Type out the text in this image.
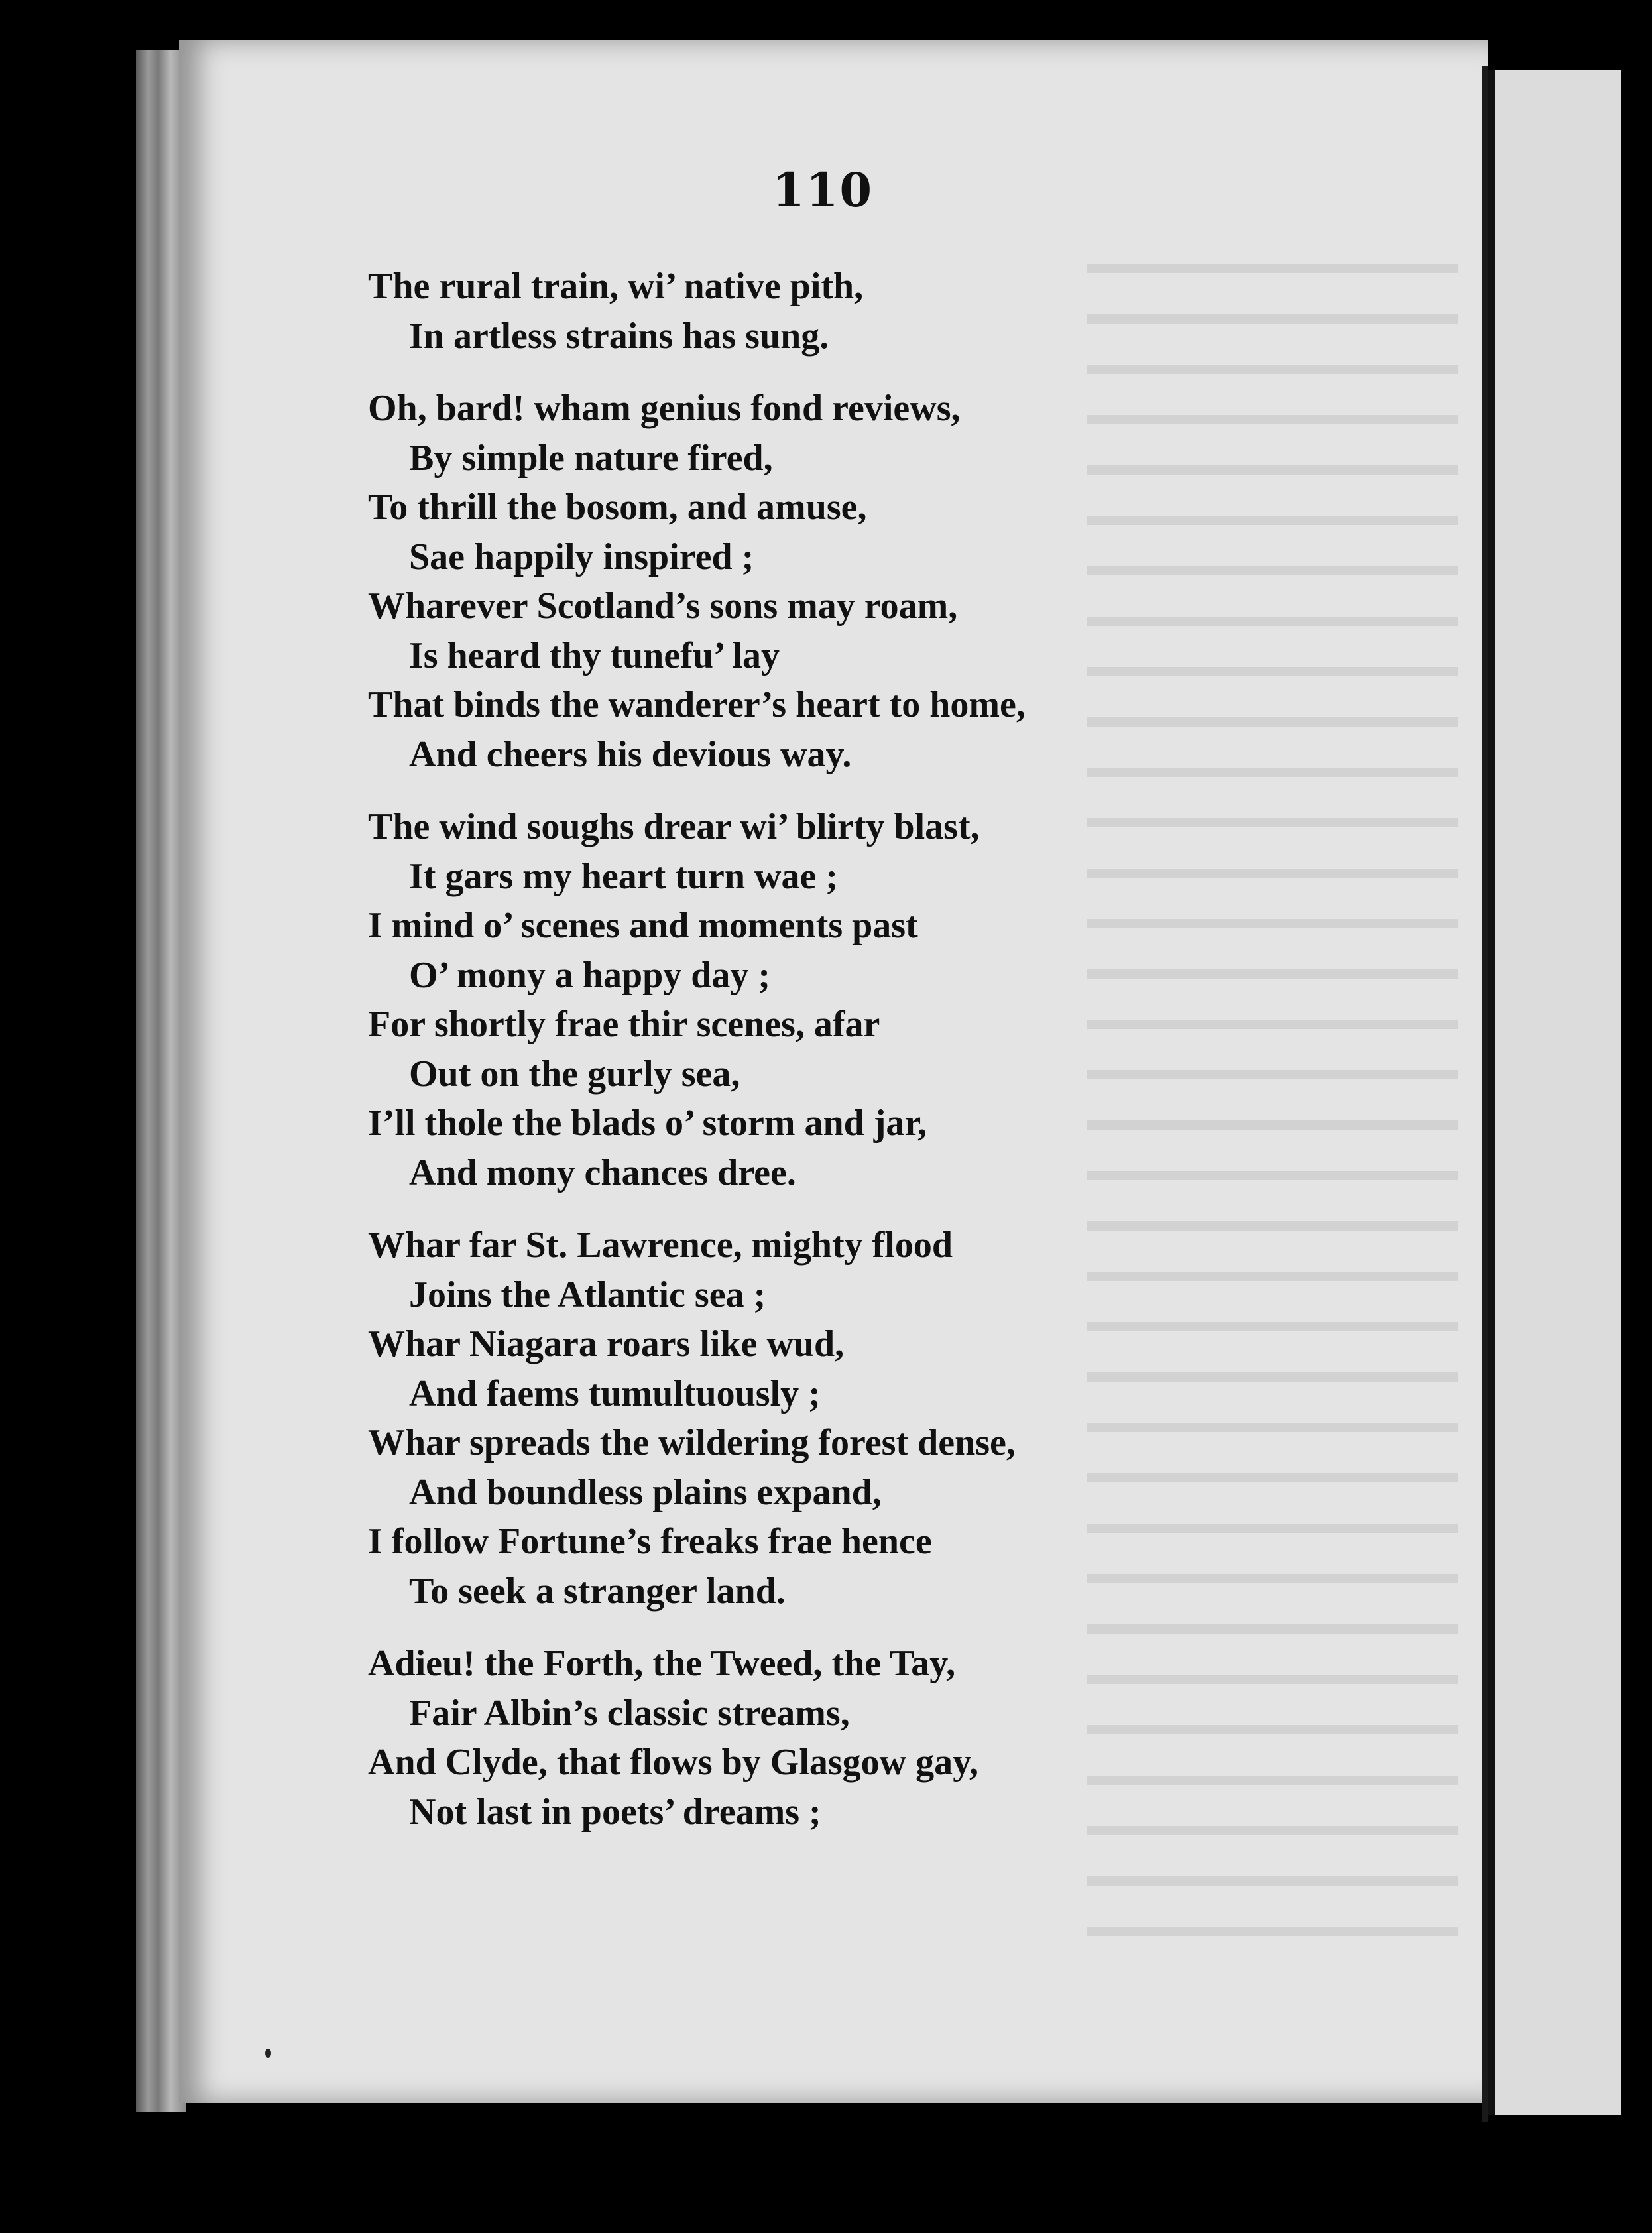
110
The rural train, wi’ native pith,
In artless strains has sung.
Oh, bard! wham genius fond reviews,
By simple nature fired,
To thrill the bosom, and amuse,
Sae happily inspired ;
Wharever Scotland’s sons may roam,
Is heard thy tunefu’ lay
That binds the wanderer’s heart to home,
And cheers his devious way.
The wind soughs drear wi’ blirty blast,
It gars my heart turn wae ;
I mind o’ scenes and moments past
O’ mony a happy day ;
For shortly frae thir scenes, afar
Out on the gurly sea,
I’ll thole the blads o’ storm and jar,
And mony chances dree.
Whar far St. Lawrence, mighty flood
Joins the Atlantic sea ;
Whar Niagara roars like wud,
And faems tumultuously ;
Whar spreads the wildering forest dense,
And boundless plains expand,
I follow Fortune’s freaks frae hence
To seek a stranger land.
Adieu! the Forth, the Tweed, the Tay,
Fair Albin’s classic streams,
And Clyde, that flows by Glasgow gay,
Not last in poets’ dreams ;
